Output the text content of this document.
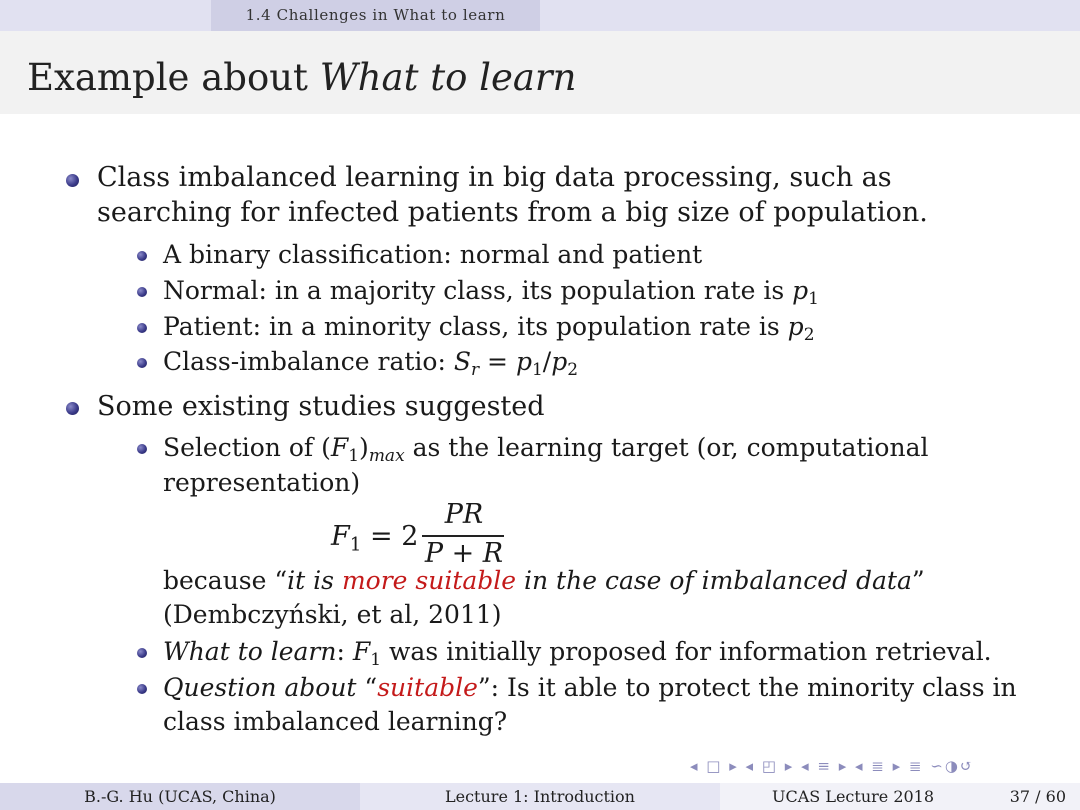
1.4 Challenges in What to learn
Example about What to learn
Class imbalanced learning in big data processing, such as
searching for infected patients from a big size of population.
A binary classification: normal and patient
Normal: in a majority class, its population rate is $p_1$
Patient: in a minority class, its population rate is $p_2$
Class-imbalance ratio: $S_r = p_1/p_2$
Some existing studies suggested
Selection of $(F_1)_{max}$ as the learning target (or, computational
representation)
$F_1 = 2$
PR
P + R
because “it is more suitable in the case of imbalanced data”
(Dembczyński, et al, 2011)
What to learn: $F_1$ was initially proposed for information retrieval.
Question about “suitable”: Is it able to protect the minority class in
class imbalanced learning?
◂ □ ▸ ◂ ◰ ▸ ◂ ≡ ▸ ◂ ≣ ▸ ≣ ∽◑↺
B.-G. Hu (UCAS, China)	Lecture 1: Introduction	UCAS Lecture 2018	37 / 60
